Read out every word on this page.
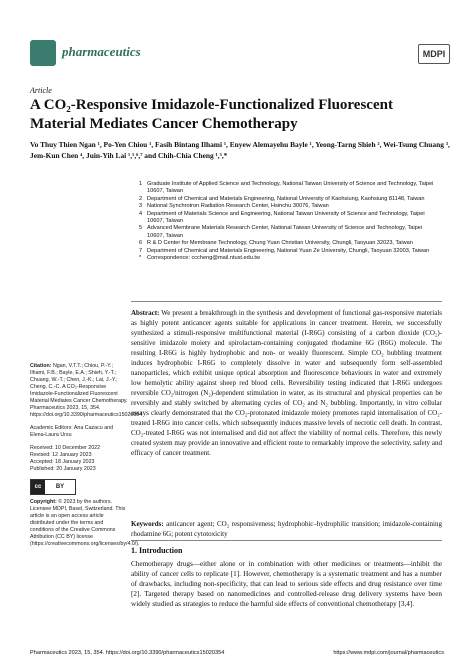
pharmaceutics	MDPI
Article
A CO₂-Responsive Imidazole-Functionalized Fluorescent Material Mediates Cancer Chemotherapy
Vo Thuy Thien Ngan ¹, Po-Yen Chiou ¹, Fasih Bintang Ilhami ¹, Enyew Alemayehu Bayle ¹, Yeong-Tarng Shieh ², Wei-Tsung Chuang ³, Jem-Kun Chen ⁴, Juin-Yih Lai ¹,⁵,⁶,⁷ and Chih-Chia Cheng ¹,⁵,*
1 Graduate Institute of Applied Science and Technology, National Taiwan University of Science and Technology, Taipei 10607, Taiwan
2 Department of Chemical and Materials Engineering, National University of Kaohsiung, Kaohsiung 81148, Taiwan
3 National Synchrotron Radiation Research Center, Hsinchu 30076, Taiwan
4 Department of Materials Science and Engineering, National Taiwan University of Science and Technology, Taipei 10607, Taiwan
5 Advanced Membrane Materials Research Center, National Taiwan University of Science and Technology, Taipei 10607, Taiwan
6 R & D Center for Membrane Technology, Chung Yuan Christian University, Chungli, Taoyuan 32023, Taiwan
7 Department of Chemical and Materials Engineering, National Yuan Ze University, Chungli, Taoyuan 32003, Taiwan
*	Correspondence: cccheng@mail.ntust.edu.tw
Abstract: We present a breakthrough in the synthesis and development of functional gas-responsive materials as highly potent anticancer agents suitable for applications in cancer treatment. Herein, we successfully synthesized a stimuli-responsive multifunctional material (I-R6G) consisting of a carbon dioxide (CO₂)-sensitive imidazole moiety and spirolactam-containing conjugated rhodamine 6G (R6G) molecule. The resulting I-R6G is highly hydrophobic and non- or weakly fluorescent. Simple CO₂ bubbling treatment induces hydrophobic I-R6G to completely dissolve in water and subsequently form self-assembled nanoparticles, which exhibit unique optical absorption and fluorescence behaviours in water and extremely low hemolytic ability against sheep red blood cells. Reversibility testing indicated that I-R6G undergoes reversible CO₂/nitrogen (N₂)-dependent stimulation in water, as its structural and physical properties can be reversibly and stably switched by alternating cycles of CO₂ and N₂ bubbling. Importantly, in vitro cellular assays clearly demonstrated that the CO₂-protonated imidazole moiety promotes rapid internalisation of CO₂-treated I-R6G into cancer cells, which subsequently induces massive levels of necrotic cell death. In contrast, CO₂-treated I-R6G was not internalised and did not affect the viability of normal cells. Therefore, this newly created system may provide an innovative and efficient route to remarkably improve the selectivity, safety and efficacy of cancer treatment.
Keywords: anticancer agent; CO₂ responsiveness; hydrophobic–hydrophilic transition; imidazole-containing rhodamine 6G; potent cytotoxicity

Citation: Ngan, V.T.T.; Chiou, P.-Y.; Ilhami, F.B.; Bayle, E.A.; Shieh, Y.-T.; Chuang, W.-T.; Chen, J.-K.; Lai, J.-Y.; Cheng, C.-C. A CO₂-Responsive Imidazole-Functionalized Fluorescent Material Mediates Cancer Chemotherapy. Pharmaceutics 2023, 15, 354. https://doi.org/10.3390/pharmaceutics15020354

Academic Editors: Ana Cazacu and Elena-Laura Ursu

Received: 10 December 2022
Revised: 12 January 2023
Accepted: 18 January 2023
Published: 20 January 2023

cc	BY

Copyright: © 2023 by the authors. Licensee MDPI, Basel, Switzerland. This article is an open access article distributed under the terms and conditions of the Creative Commons Attribution (CC BY) license (https://creativecommons.org/licenses/by/4.0/).

1. Introduction
Chemotherapy drugs—either alone or in combination with other medicines or treatments—inhibit the ability of cancer cells to replicate [1]. However, chemotherapy is a systematic treatment and has a number of drawbacks, including non-specificity, that can lead to serious side effects and drug resistance over time [2]. Targeted therapy based on nanomedicines and controlled-release drug delivery systems have been widely studied as strategies to reduce the harmful side effects of conventional chemotherapy [3,4].
Pharmaceutics 2023, 15, 354. https://doi.org/10.3390/pharmaceutics15020354	https://www.mdpi.com/journal/pharmaceutics
